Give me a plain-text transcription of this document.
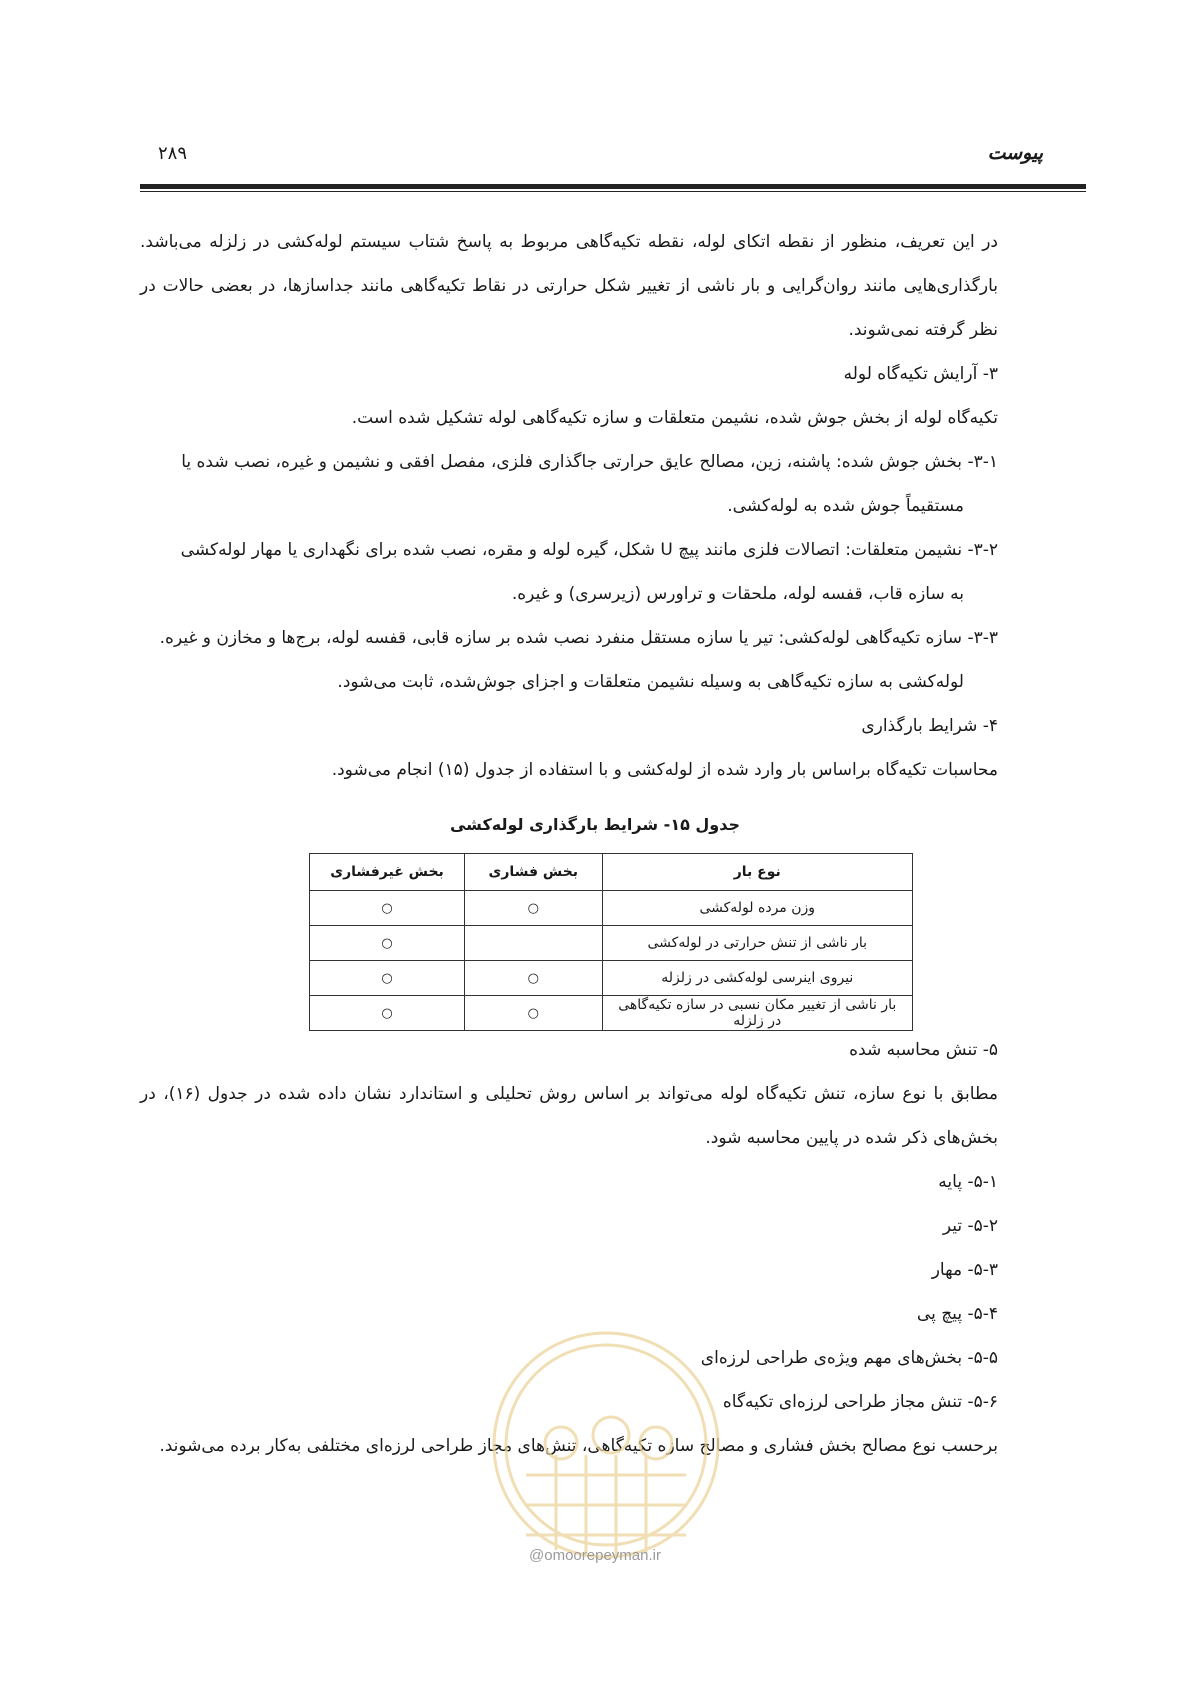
۲۸۹	پیوست

در این تعریف، منظور از نقطه اتکای لوله، نقطه تکیه‌گاهی مربوط به پاسخ شتاب سیستم لوله‌کشی در زلزله می‌باشد. بارگذاری‌هایی مانند روان‌گرایی و بار ناشی از تغییر شکل حرارتی در نقاط تکیه‌گاهی مانند جداسازها، در بعضی حالات در نظر گرفته نمی‌شوند.

۳- آرایش تکیه‌گاه لوله

تکیه‌گاه لوله از بخش جوش شده، نشیمن متعلقات و سازه تکیه‌گاهی لوله تشکیل شده است.

۳-۱- بخش جوش شده: پاشنه، زین، مصالح عایق حرارتی جاگذاری فلزی، مفصل افقی و نشیمن و غیره، نصب شده یا

مستقیماً جوش شده به لوله‌کشی.

۳-۲- نشیمن متعلقات: اتصالات فلزی مانند پیچ U شکل، گیره لوله و مقره، نصب شده برای نگهداری یا مهار لوله‌کشی

به سازه قاب، قفسه لوله، ملحقات و تراورس (زیرسری) و غیره.

۳-۳- سازه تکیه‌گاهی لوله‌کشی: تیر یا سازه مستقل منفرد نصب شده بر سازه قابی، قفسه لوله، برج‌ها و مخازن و غیره.

لوله‌کشی به سازه تکیه‌گاهی به وسیله نشیمن متعلقات و اجزای جوش‌شده، ثابت می‌شود.

۴- شرایط بارگذاری

محاسبات تکیه‌گاه براساس بار وارد شده از لوله‌کشی و با استفاده از جدول (۱۵) انجام می‌شود.

جدول ۱۵- شرایط بارگذاری لوله‌کشی
نوع بار	بخش فشاری	بخش غیرفشاری
وزن مرده لوله‌کشی	○	○
بار ناشی از تنش حرارتی در لوله‌کشی		○
نیروی اینرسی لوله‌کشی در زلزله	○	○
بار ناشی از تغییر مکان نسبی در سازه تکیه‌گاهی در زلزله	○	○

۵- تنش محاسبه شده

مطابق با نوع سازه، تنش تکیه‌گاه لوله می‌تواند بر اساس روش تحلیلی و استاندارد نشان داده شده در جدول (۱۶)، در بخش‌های ذکر شده در پایین محاسبه شود.

۵-۱- پایه

۵-۲- تیر

۵-۳- مهار

۵-۴- پیچ پی

۵-۵- بخش‌های مهم ویژه‌ی طراحی لرزه‌ای

۵-۶- تنش مجاز طراحی لرزه‌ای تکیه‌گاه

برحسب نوع مصالح بخش فشاری و مصالح سازه تکیه‌گاهی، تنش‌های مجاز طراحی لرزه‌ای مختلفی به‌کار برده می‌شوند.

@omoorepeyman.ir
